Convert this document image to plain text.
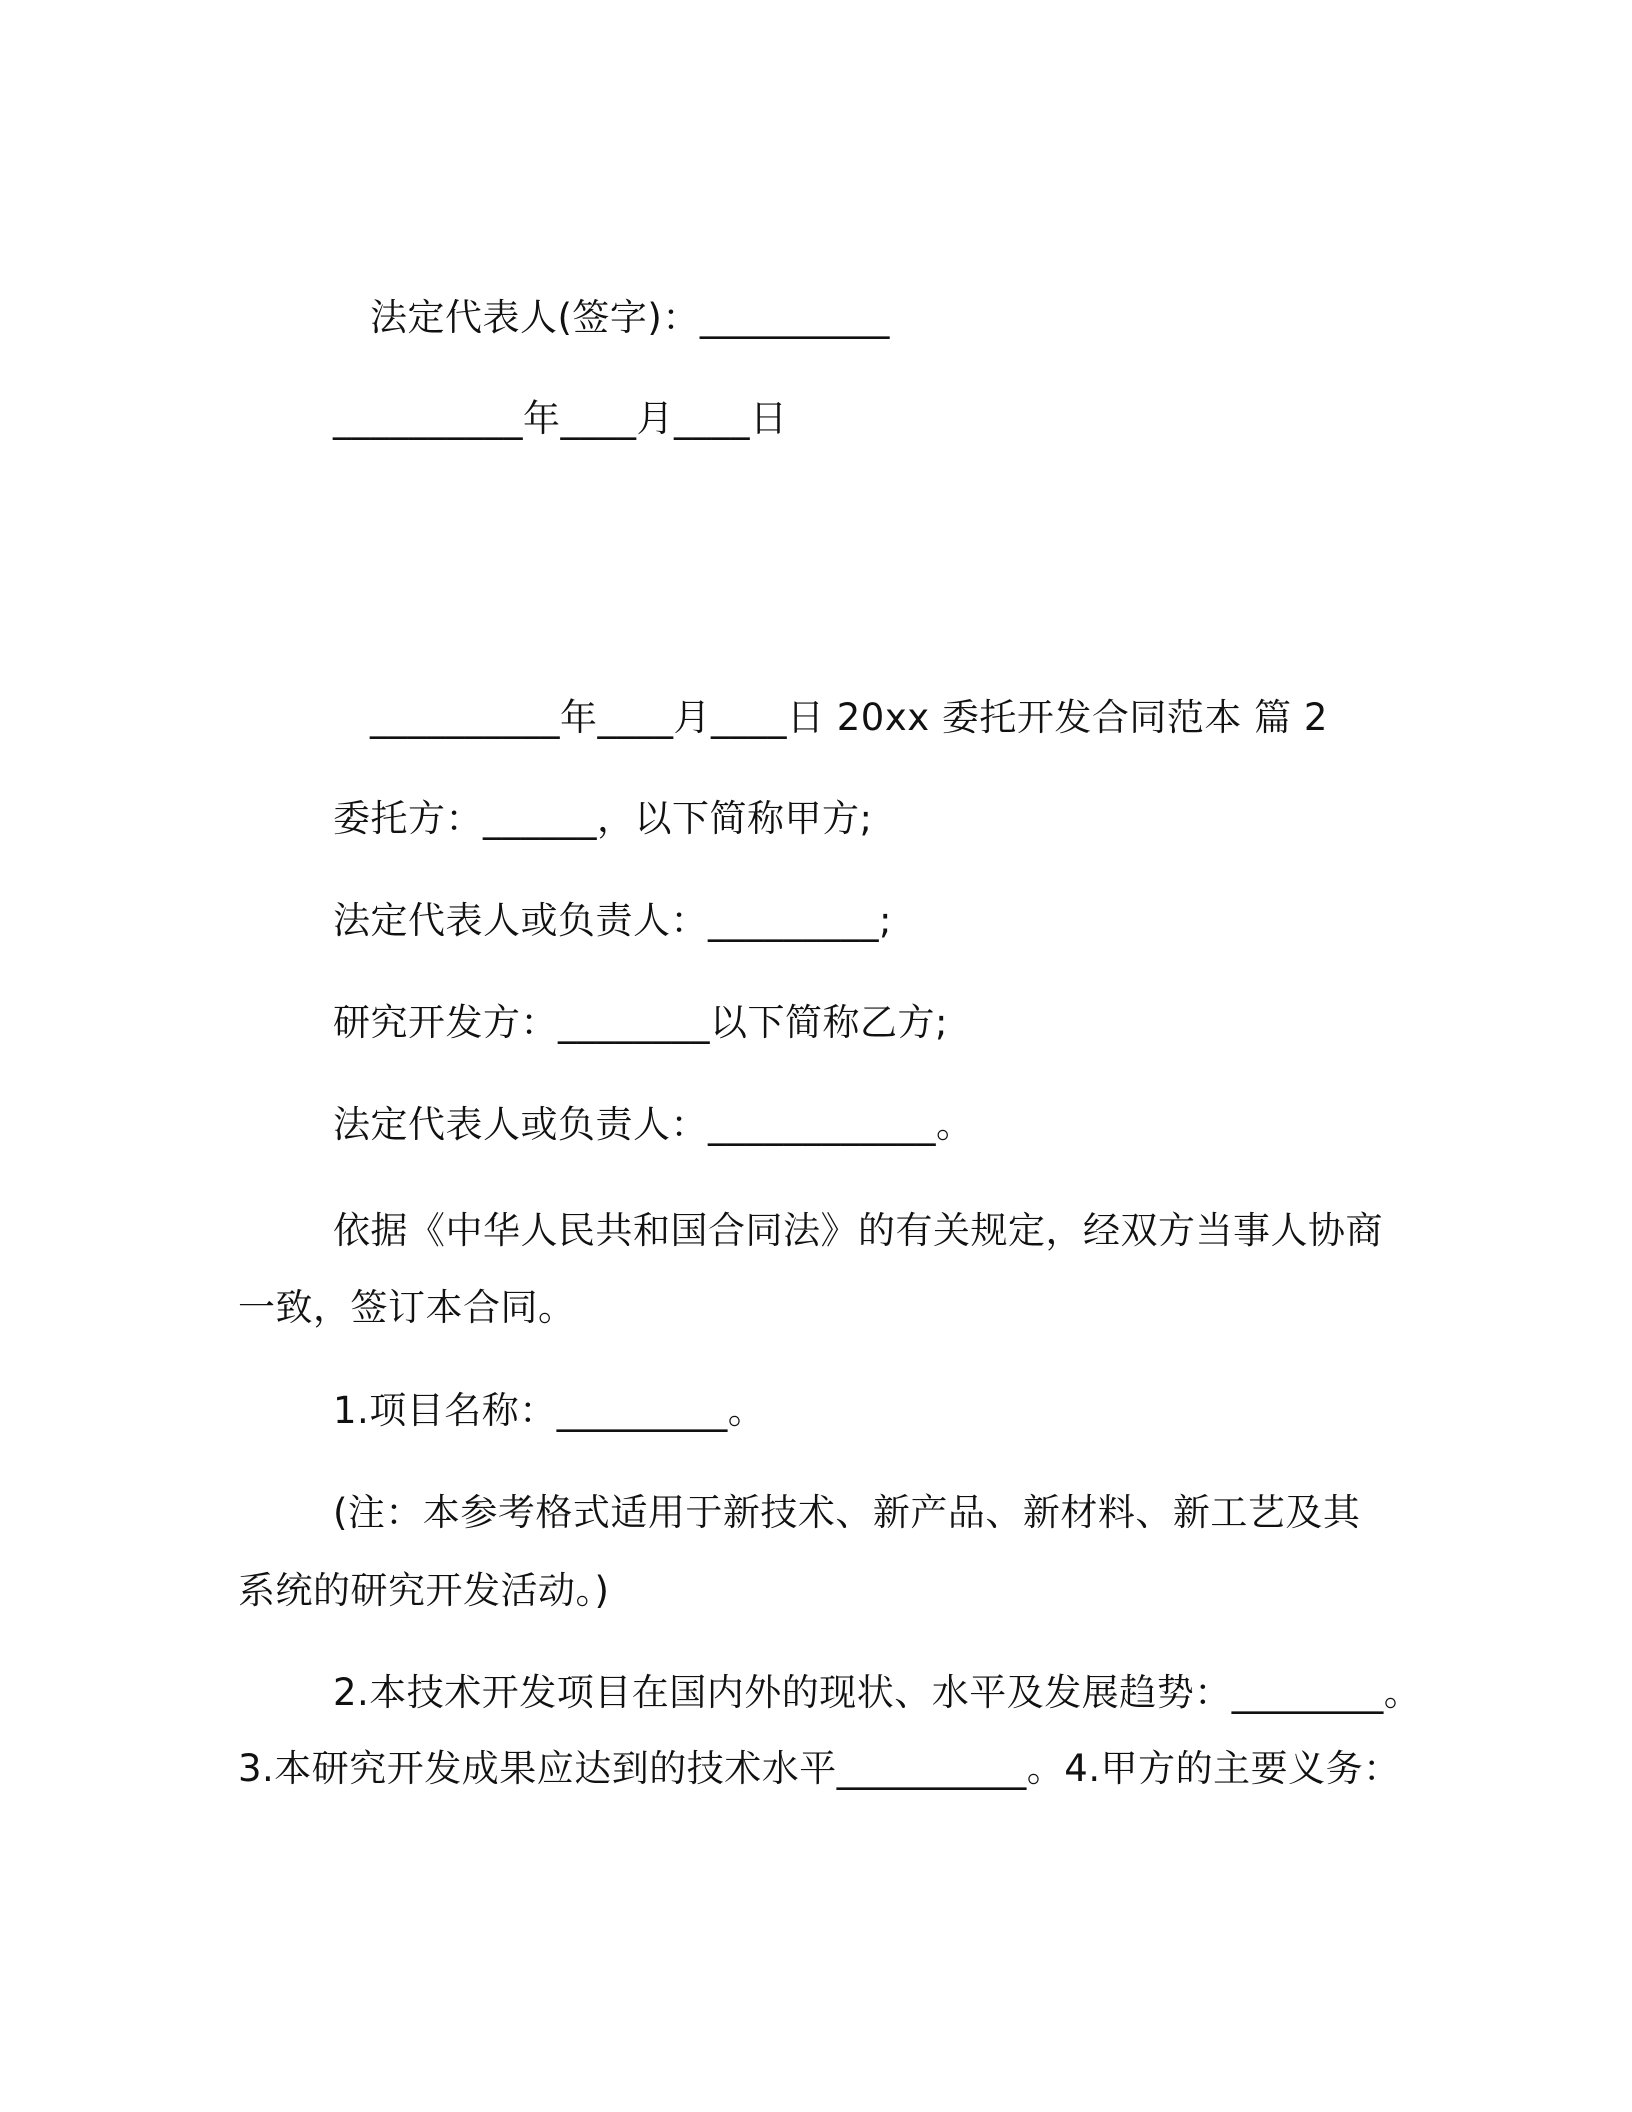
法定代表人(签字)：__________
__________年____月____日
__________年____月____日 20xx 委托开发合同范本 篇 2
委托方：______，以下简称甲方;
法定代表人或负责人：_________;
研究开发方：________以下简称乙方;
法定代表人或负责人：____________。
依据《中华人民共和国合同法》的有关规定，经双方当事人协商
一致，签订本合同。
1.项目名称：_________。
(注：本参考格式适用于新技术、新产品、新材料、新工艺及其
系统的研究开发活动。)
2.本技术开发项目在国内外的现状、水平及发展趋势：________。
3.本研究开发成果应达到的技术水平__________。4.甲方的主要义务：
